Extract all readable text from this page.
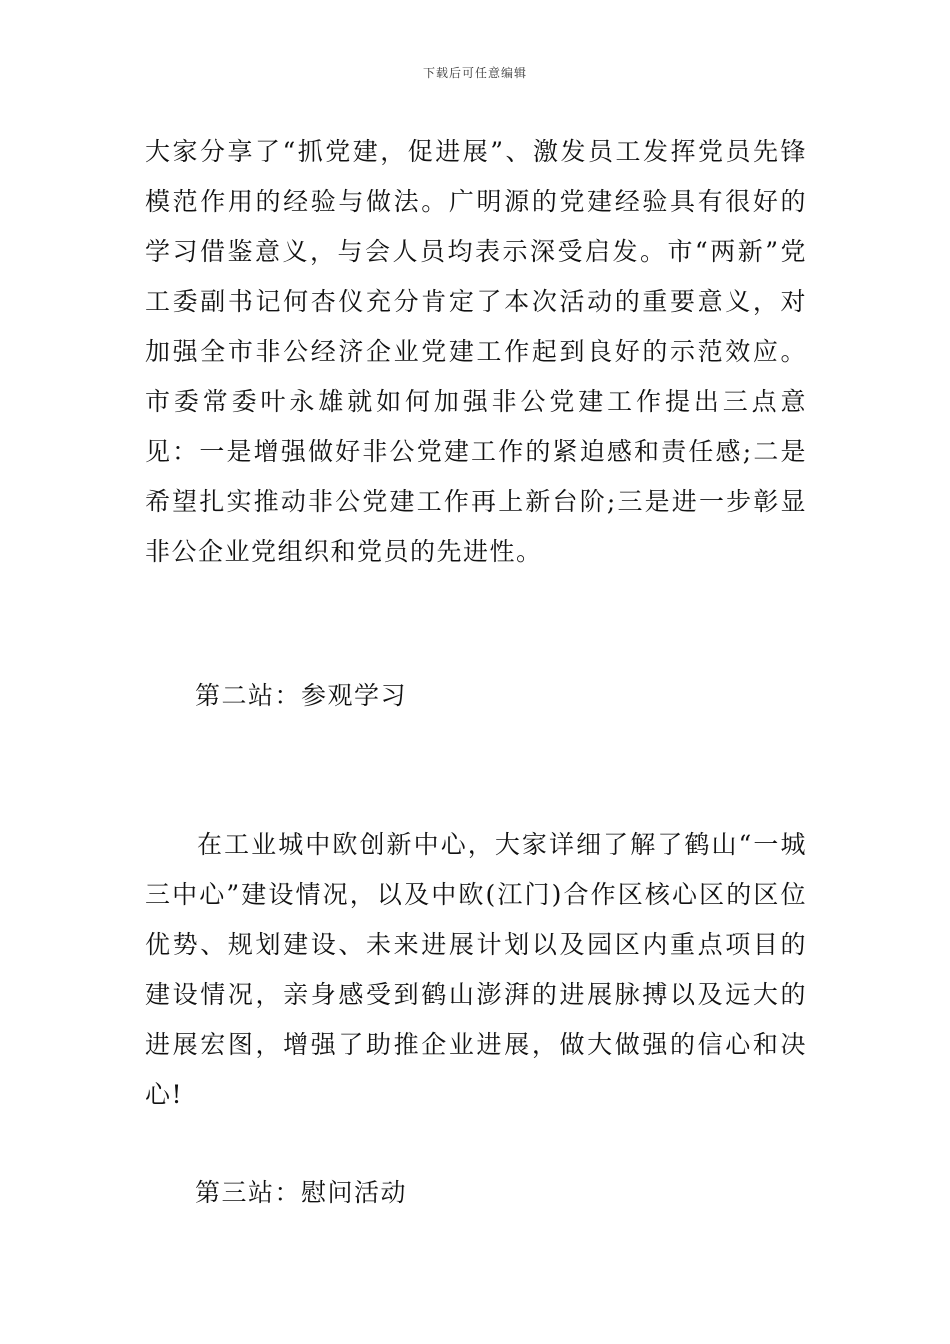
下载后可任意编辑

大家分享了“抓党建，促进展”、激发员工发挥党员先锋模范作用的经验与做法。广明源的党建经验具有很好的学习借鉴意义，与会人员均表示深受启发。市“两新”党工委副书记何杏仪充分肯定了本次活动的重要意义，对加强全市非公经济企业党建工作起到良好的示范效应。市委常委叶永雄就如何加强非公党建工作提出三点意见：一是增强做好非公党建工作的紧迫感和责任感;二是希望扎实推动非公党建工作再上新台阶;三是进一步彰显非公企业党组织和党员的先进性。

第二站：参观学习

在工业城中欧创新中心，大家详细了解了鹤山“一城三中心”建设情况，以及中欧(江门)合作区核心区的区位优势、规划建设、未来进展计划以及园区内重点项目的建设情况，亲身感受到鹤山澎湃的进展脉搏以及远大的进展宏图，增强了助推企业进展，做大做强的信心和决心!

第三站：慰问活动
